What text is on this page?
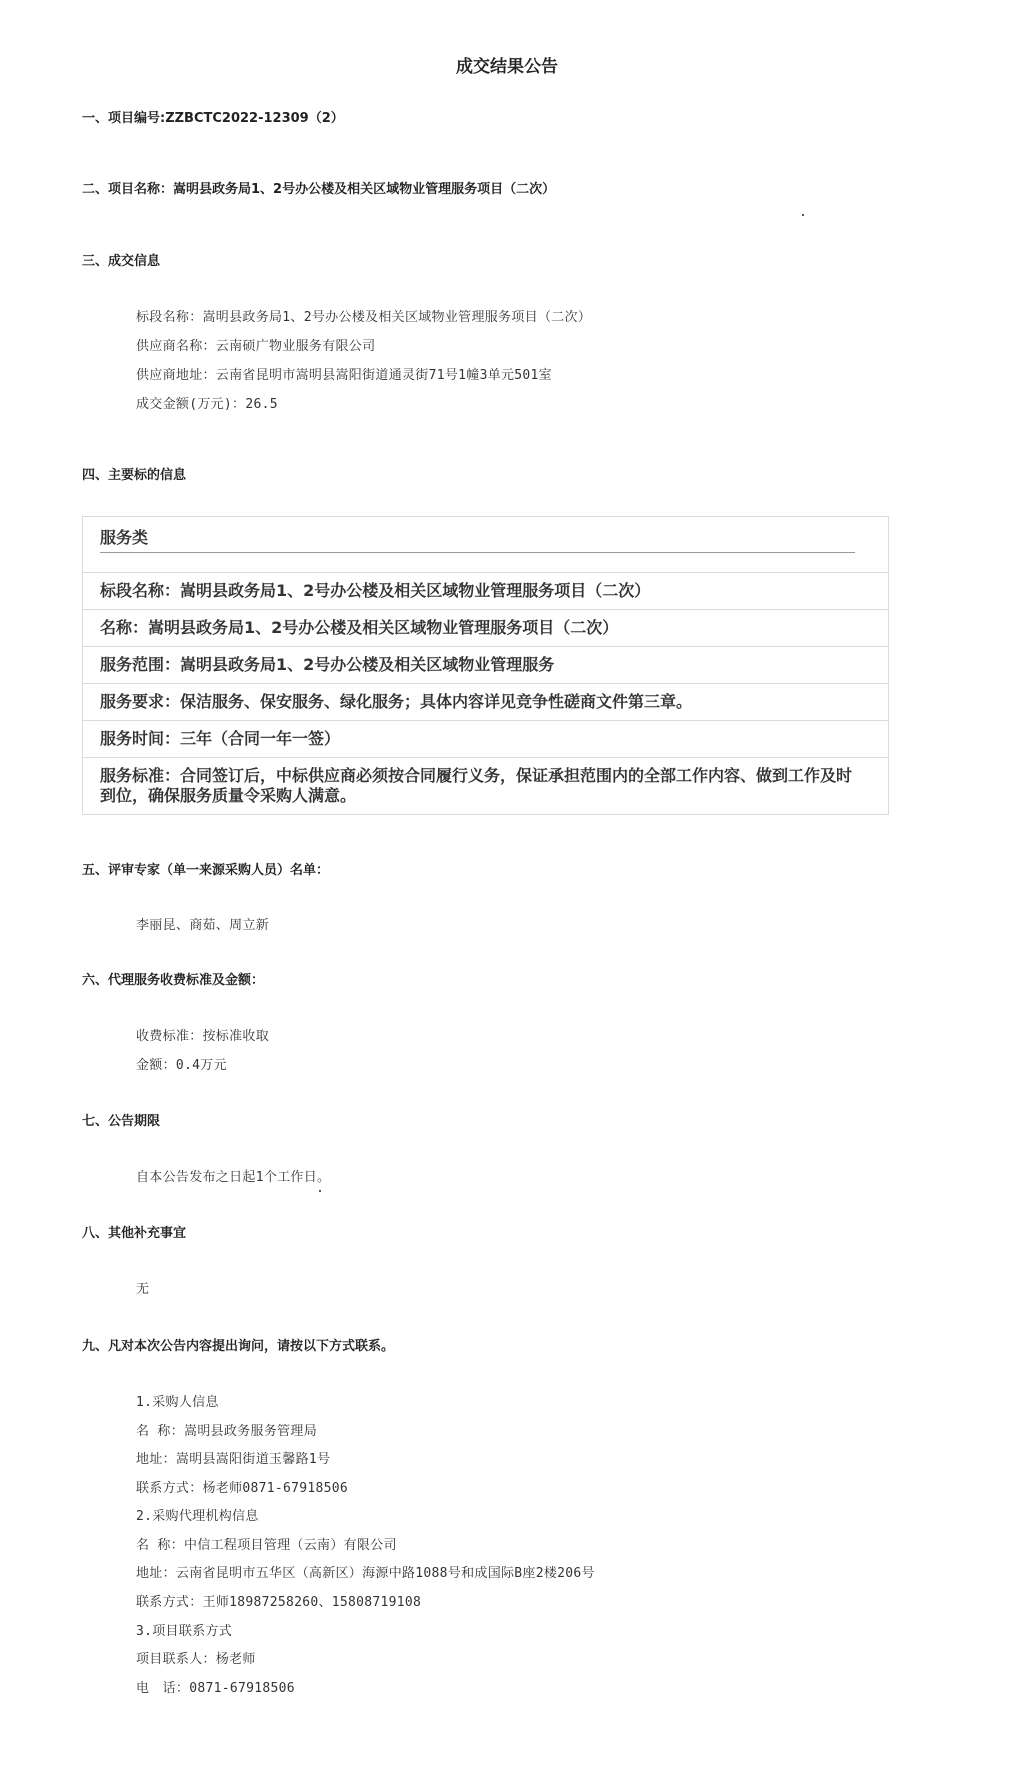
成交结果公告
一、项目编号:ZZBCTC2022-12309（2）
二、项目名称：嵩明县政务局1、2号办公楼及相关区域物业管理服务项目（二次）
三、成交信息
标段名称：嵩明县政务局1、2号办公楼及相关区域物业管理服务项目（二次）
供应商名称：云南硕广物业服务有限公司
供应商地址：云南省昆明市嵩明县嵩阳街道通灵街71号1幢3单元501室
成交金额(万元)：26.5
四、主要标的信息
服务类
标段名称：嵩明县政务局1、2号办公楼及相关区域物业管理服务项目（二次）
名称：嵩明县政务局1、2号办公楼及相关区域物业管理服务项目（二次）
服务范围：嵩明县政务局1、2号办公楼及相关区域物业管理服务
服务要求：保洁服务、保安服务、绿化服务；具体内容详见竞争性磋商文件第三章。
服务时间：三年（合同一年一签）
服务标准：合同签订后，中标供应商必须按合同履行义务，保证承担范围内的全部工作内容、做到工作及时
到位，确保服务质量令采购人满意。
五、评审专家（单一来源采购人员）名单：
李丽昆、商茹、周立新
六、代理服务收费标准及金额：
收费标准：按标准收取
金额：0.4万元
七、公告期限
自本公告发布之日起1个工作日。
八、其他补充事宜
无
九、凡对本次公告内容提出询问，请按以下方式联系。
1.采购人信息
名 称：嵩明县政务服务管理局
地址：嵩明县嵩阳街道玉馨路1号
联系方式：杨老师0871-67918506
2.采购代理机构信息
名 称：中信工程项目管理（云南）有限公司
地址：云南省昆明市五华区（高新区）海源中路1088号和成国际B座2楼206号
联系方式：王师18987258260、15808719108
3.项目联系方式
项目联系人：杨老师
电　话：0871-67918506
